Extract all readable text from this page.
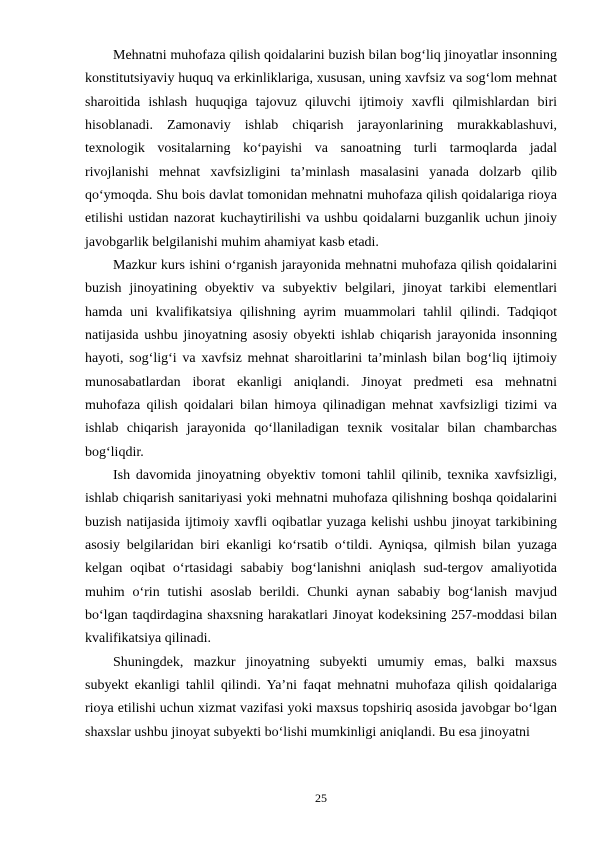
Mehnatni muhofaza qilish qoidalarini buzish bilan bog‘liq jinoyatlar insonning konstitutsiyaviy huquq va erkinliklariga, xususan, uning xavfsiz va sog‘lom mehnat sharoitida ishlash huquqiga tajovuz qiluvchi ijtimoiy xavfli qilmishlardan biri hisoblanadi. Zamonaviy ishlab chiqarish jarayonlarining murakkablashuvi, texnologik vositalarning ko‘payishi va sanoatning turli tarmoqlarda jadal rivojlanishi mehnat xavfsizligini ta’minlash masalasini yanada dolzarb qilib qo‘ymoqda. Shu bois davlat tomonidan mehnatni muhofaza qilish qoidalariga rioya etilishi ustidan nazorat kuchaytirilishi va ushbu qoidalarni buzganlik uchun jinoiy javobgarlik belgilanishi muhim ahamiyat kasb etadi.

Mazkur kurs ishini o‘rganish jarayonida mehnatni muhofaza qilish qoidalarini buzish jinoyatining obyektiv va subyektiv belgilari, jinoyat tarkibi elementlari hamda uni kvalifikatsiya qilishning ayrim muammolari tahlil qilindi. Tadqiqot natijasida ushbu jinoyatning asosiy obyekti ishlab chiqarish jarayonida insonning hayoti, sog‘lig‘i va xavfsiz mehnat sharoitlarini ta’minlash bilan bog‘liq ijtimoiy munosabatlardan iborat ekanligi aniqlandi. Jinoyat predmeti esa mehnatni muhofaza qilish qoidalari bilan himoya qilinadigan mehnat xavfsizligi tizimi va ishlab chiqarish jarayonida qo‘llaniladigan texnik vositalar bilan chambarchas bog‘liqdir.

Ish davomida jinoyatning obyektiv tomoni tahlil qilinib, texnika xavfsizligi, ishlab chiqarish sanitariyasi yoki mehnatni muhofaza qilishning boshqa qoidalarini buzish natijasida ijtimoiy xavfli oqibatlar yuzaga kelishi ushbu jinoyat tarkibining asosiy belgilaridan biri ekanligi ko‘rsatib o‘tildi. Ayniqsa, qilmish bilan yuzaga kelgan oqibat o‘rtasidagi sababiy bog‘lanishni aniqlash sud-tergov amaliyotida muhim o‘rin tutishi asoslab berildi. Chunki aynan sababiy bog‘lanish mavjud bo‘lgan taqdirdagina shaxsning harakatlari Jinoyat kodeksining 257-moddasi bilan kvalifikatsiya qilinadi.

Shuningdek, mazkur jinoyatning subyekti umumiy emas, balki maxsus subyekt ekanligi tahlil qilindi. Ya’ni faqat mehnatni muhofaza qilish qoidalariga rioya etilishi uchun xizmat vazifasi yoki maxsus topshiriq asosida javobgar bo‘lgan shaxslar ushbu jinoyat subyekti bo‘lishi mumkinligi aniqlandi. Bu esa jinoyatni

25
